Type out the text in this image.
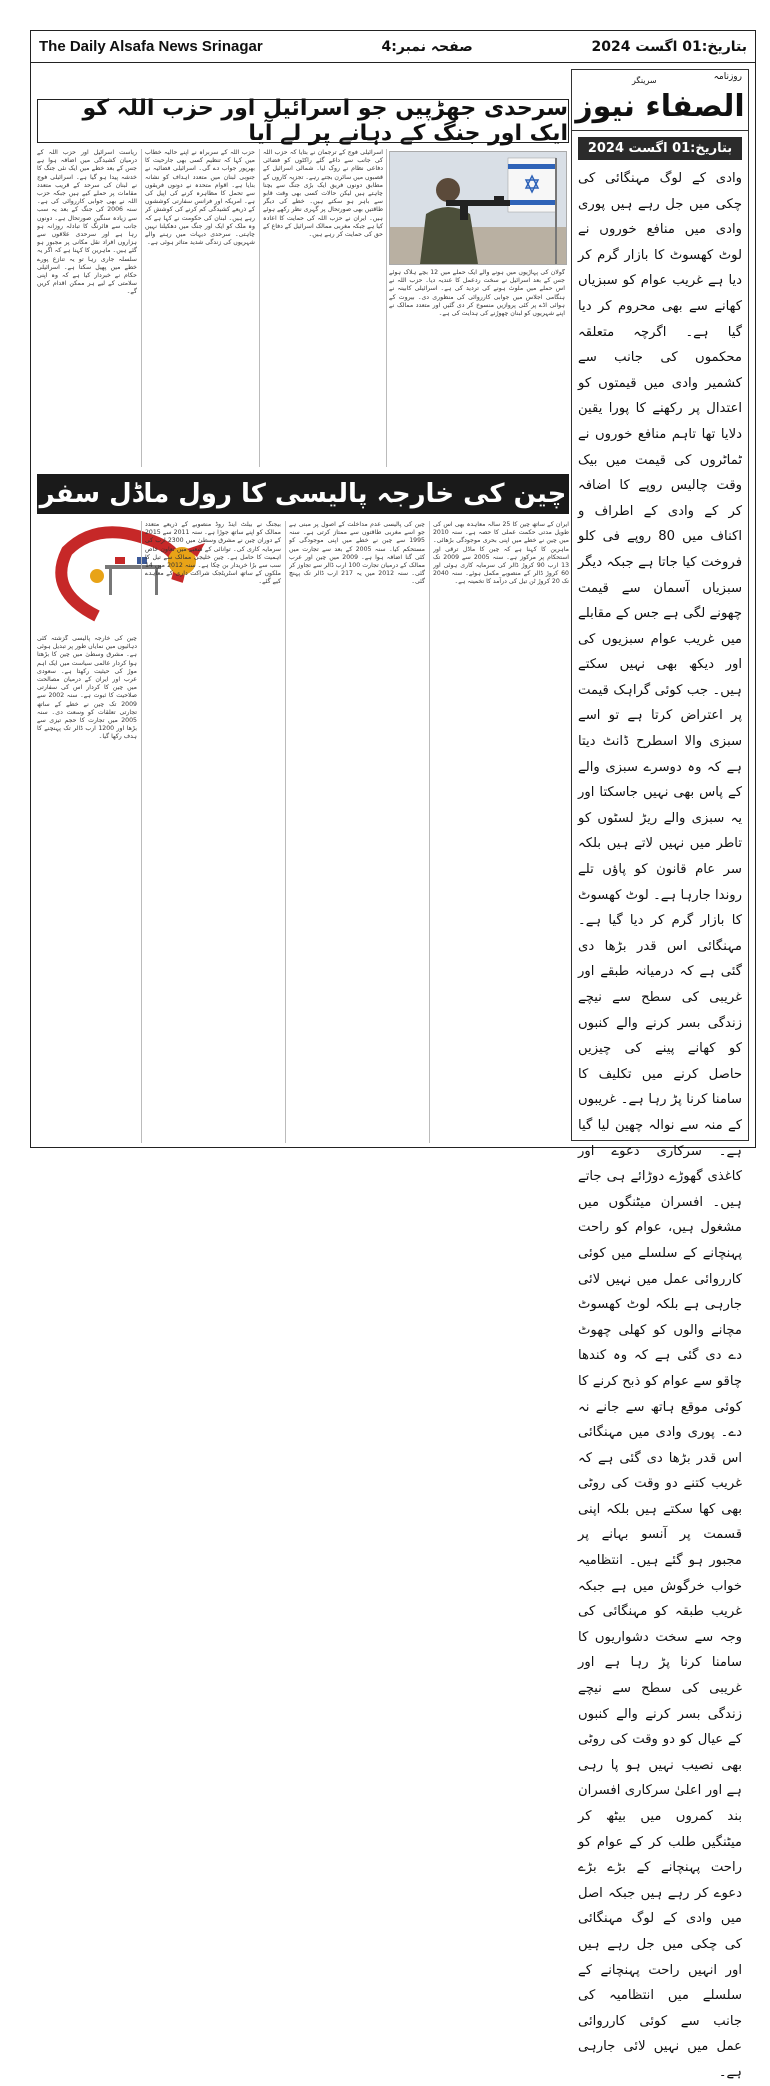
The Daily Alsafa News Srinagar	صفحہ نمبر:4	بتاریخ:01 اگست 2024
روزنامہ
سرینگر
الصفاء نیوز
بتاریخ:01 اگست 2024
وادی کے لوگ مہنگائی کی چکی میں جل رہے ہیں پوری وادی میں منافع خوروں نے لوٹ کھسوٹ کا بازار گرم کر دیا ہے غریب عوام کو سبزیاں کھانے سے بھی محروم کر دیا گیا ہے۔ اگرچہ متعلقہ محکموں کی جانب سے کشمیر وادی میں قیمتوں کو اعتدال پر رکھنے کا پورا یقین دلایا تھا تاہم منافع خوروں نے ٹماٹروں کی قیمت میں بیک وقت چالیس روپے کا اضافہ کر کے وادی کے اطراف و اکناف میں 80 روپے فی کلو فروخت کیا جاتا ہے جبکہ دیگر سبزیاں آسمان سے قیمت چھونے لگی ہے جس کے مقابلے میں غریب عوام سبزیوں کی اور دیکھ بھی نہیں سکتے ہیں۔ جب کوئی گراہک قیمت پر اعتراض کرتا ہے تو اسے سبزی والا اسطرح ڈانٹ دیتا ہے کہ وہ دوسرے سبزی والے کے پاس بھی نہیں جاسکتا اور یہ سبزی والے ریڑ لسٹوں کو تاطر میں نہیں لاتے ہیں بلکہ سر عام قانون کو پاؤں تلے روندا جارہا ہے۔ لوٹ کھسوٹ کا بازار گرم کر دیا گیا ہے۔ مہنگائی اس قدر بڑھا دی گئی ہے کہ درمیانہ طبقے اور غریبی کی سطح سے نیچے زندگی بسر کرنے والے کنبوں کو کھانے پینے کی چیزیں حاصل کرنے میں تکلیف کا سامنا کرنا پڑ رہا ہے۔ غریبوں کے منہ سے نوالہ چھین لیا گیا ہے۔ سرکاری دعوے اور کاغذی گھوڑے دوڑائے ہی جاتے ہیں۔ افسران میٹنگوں میں مشغول ہیں، عوام کو راحت پہنچانے کے سلسلے میں کوئی کارروائی عمل میں نہیں لائی جارہی ہے بلکہ لوٹ کھسوٹ مچانے والوں کو کھلی چھوٹ دے دی گئی ہے کہ وہ کندھا چاقو سے عوام کو ذبح کرنے کا کوئی موقع ہاتھ سے جانے نہ دے۔ پوری وادی میں مہنگائی اس قدر بڑھا دی گئی ہے کہ غریب کتنے دو وقت کی روٹی بھی کھا سکتے ہیں بلکہ اپنی قسمت پر آنسو بہانے پر مجبور ہو گئے ہیں۔ انتظامیہ خواب خرگوش میں ہے جبکہ غریب طبقہ کو مہنگائی کی وجہ سے سخت دشواریوں کا سامنا کرنا پڑ رہا ہے اور غریبی کی سطح سے نیچے زندگی بسر کرنے والے کنبوں کے عیال کو دو وقت کی روٹی بھی نصیب نہیں ہو پا رہی ہے اور اعلیٰ سرکاری افسران بند کمروں میں بیٹھ کر میٹنگیں طلب کر کے عوام کو راحت پہنچانے کے بڑے بڑے دعوے کر رہے ہیں جبکہ اصل میں وادی کے لوگ مہنگائی کی چکی میں جل رہے ہیں اور انہیں راحت پہنچانے کے سلسلے میں انتظامیہ کی جانب سے کوئی کارروائی عمل میں نہیں لائی جارہی ہے۔
سرحدی جھڑپیں جو اسرائیل اور حزب اللہ کو ایک اور جنگ کے دہانے پر لے آیا
ریاست اسرائیل اور حزب اللہ کے درمیان کشیدگی میں اضافہ ہوا ہے جس کے بعد خطے میں ایک نئی جنگ کا خدشہ پیدا ہو گیا ہے۔ اسرائیلی فوج نے لبنان کی سرحد کے قریب متعدد مقامات پر حملے کیے ہیں جبکہ حزب اللہ نے بھی جوابی کارروائی کی ہے۔ سنہ 2006 کی جنگ کے بعد یہ سب سے زیادہ سنگین صورتحال ہے۔ دونوں جانب سے فائرنگ کا تبادلہ روزانہ ہو رہا ہے اور سرحدی علاقوں سے ہزاروں افراد نقل مکانی پر مجبور ہو گئے ہیں۔ ماہرین کا کہنا ہے کہ اگر یہ سلسلہ جاری رہا تو یہ تنازع پورے خطے میں پھیل سکتا ہے۔ اسرائیلی حکام نے خبردار کیا ہے کہ وہ اپنی سلامتی کے لیے ہر ممکن اقدام کریں گے۔
حزب اللہ کے سربراہ نے اپنے حالیہ خطاب میں کہا کہ تنظیم کسی بھی جارحیت کا بھرپور جواب دے گی۔ اسرائیلی فضائیہ نے جنوبی لبنان میں متعدد اہداف کو نشانہ بنایا ہے۔ اقوام متحدہ نے دونوں فریقوں سے تحمل کا مظاہرہ کرنے کی اپیل کی ہے۔ امریکہ اور فرانس سفارتی کوششوں کے ذریعے کشیدگی کم کرنے کی کوشش کر رہے ہیں۔ لبنان کی حکومت نے کہا ہے کہ وہ ملک کو ایک اور جنگ میں دھکیلنا نہیں چاہتی۔ سرحدی دیہات میں رہنے والے شہریوں کی زندگی شدید متاثر ہوئی ہے۔
اسرائیلی فوج کے ترجمان نے بتایا کہ حزب اللہ کی جانب سے داغے گئے راکٹوں کو فضائی دفاعی نظام نے روک لیا۔ شمالی اسرائیل کے قصبوں میں سائرن بجتے رہے۔ تجزیہ کاروں کے مطابق دونوں فریق ایک بڑی جنگ سے بچنا چاہتے ہیں لیکن حالات کسی بھی وقت قابو سے باہر ہو سکتے ہیں۔ خطے کی دیگر طاقتیں بھی صورتحال پر گہری نظر رکھے ہوئے ہیں۔ ایران نے حزب اللہ کی حمایت کا اعادہ کیا ہے جبکہ مغربی ممالک اسرائیل کے دفاع کے حق کی حمایت کر رہے ہیں۔
گولان کی پہاڑیوں میں ہونے والے ایک حملے میں 12 بچے ہلاک ہوئے جس کے بعد اسرائیل نے سخت ردعمل کا عندیہ دیا۔ حزب اللہ نے اس حملے میں ملوث ہونے کی تردید کی ہے۔ اسرائیلی کابینہ نے ہنگامی اجلاس میں جوابی کارروائی کی منظوری دی۔ بیروت کے ہوائی اڈے پر کئی پروازیں منسوخ کر دی گئیں اور متعدد ممالک نے اپنے شہریوں کو لبنان چھوڑنے کی ہدایت کی ہے۔
چین کی خارجہ پالیسی کا رول ماڈل سفر
چین کی خارجہ پالیسی گزشتہ کئی دہائیوں میں نمایاں طور پر تبدیل ہوئی ہے۔ مشرق وسطیٰ میں چین کا بڑھتا ہوا کردار عالمی سیاست میں ایک اہم موڑ کی حیثیت رکھتا ہے۔ سعودی عرب اور ایران کے درمیان مصالحت میں چین کا کردار اس کی سفارتی صلاحیت کا ثبوت ہے۔ سنہ 2002 سے 2009 تک چین نے خطے کے ساتھ تجارتی تعلقات کو وسعت دی۔ سنہ 2005 میں تجارت کا حجم تیزی سے بڑھا اور 1200 ارب ڈالر تک پہنچنے کا ہدف رکھا گیا۔
بیجنگ نے بیلٹ اینڈ روڈ منصوبے کے ذریعے متعدد ممالک کو اپنے ساتھ جوڑا ہے۔ سنہ 2011 سے 2015 کے دوران چین نے مشرق وسطیٰ میں 2300 ارب کی سرمایہ کاری کی۔ توانائی کے شعبے میں تعاون خاص اہمیت کا حامل ہے۔ چین خلیجی ممالک سے تیل کا سب سے بڑا خریدار بن چکا ہے۔ سنہ 2012 میں 14 ملکوں کے ساتھ اسٹریٹجک شراکت داری کے معاہدے کیے گئے۔
چین کی پالیسی عدم مداخلت کے اصول پر مبنی ہے جو اسے مغربی طاقتوں سے ممتاز کرتی ہے۔ سنہ 1995 سے چین نے خطے میں اپنی موجودگی کو مستحکم کیا۔ سنہ 2005 کے بعد سے تجارت میں کئی گنا اضافہ ہوا ہے۔ 2009 میں چین اور عرب ممالک کے درمیان تجارت 100 ارب ڈالر سے تجاوز کر گئی۔ سنہ 2012 میں یہ 217 ارب ڈالر تک پہنچ گئی۔
ایران کے ساتھ چین کا 25 سالہ معاہدہ بھی اس کی طویل مدتی حکمت عملی کا حصہ ہے۔ سنہ 2010 میں چین نے خطے میں اپنی بحری موجودگی بڑھائی۔ ماہرین کا کہنا ہے کہ چین کا ماڈل ترقی اور استحکام پر مرکوز ہے۔ سنہ 2005 سے 2009 تک 13 ارب 90 کروڑ ڈالر کی سرمایہ کاری ہوئی اور 60 کروڑ ڈالر کے منصوبے مکمل ہوئے۔ سنہ 2040 تک 20 کروڑ ٹن تیل کی درآمد کا تخمینہ ہے۔
